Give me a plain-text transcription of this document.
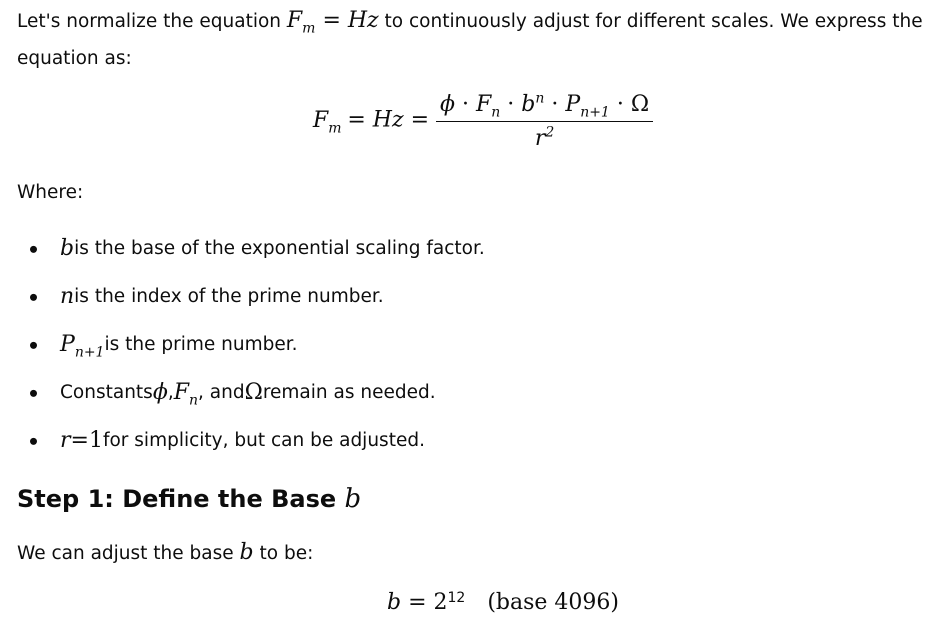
Let's normalize the equation $F_m = Hz$ to continuously adjust for different scales. We express the
equation as:
$F_m = Hz = \frac{\phi \cdot F_n \cdot b^n \cdot P_{n+1} \cdot \Omega}{r^2}$
Where:
b is the base of the exponential scaling factor.
n is the index of the prime number.
$P_{n+1}$ is the prime number.
Constants ϕ , $F_n$ , and Ω remain as needed.
r = 1 for simplicity, but can be adjusted.
Step 1: Define the Base b
We can adjust the base b to be:
$b = 2^{12}$ (base 4096)
